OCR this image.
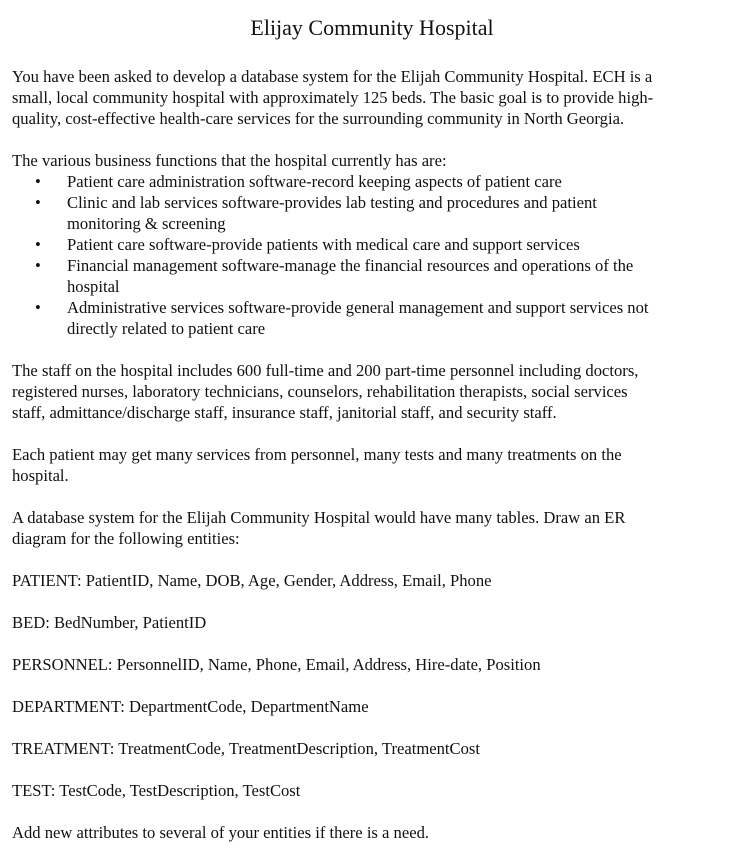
Elijay Community Hospital
You have been asked to develop a database system for the Elijah Community Hospital. ECH is a
small, local community hospital with approximately 125 beds. The basic goal is to provide high-
quality, cost-effective health-care services for the surrounding community in North Georgia.
The various business functions that the hospital currently has are:
• Patient care administration software-record keeping aspects of patient care
• Clinic and lab services software-provides lab testing and procedures and patient
monitoring & screening
• Patient care software-provide patients with medical care and support services
• Financial management software-manage the financial resources and operations of the
hospital
• Administrative services software-provide general management and support services not
directly related to patient care
The staff on the hospital includes 600 full-time and 200 part-time personnel including doctors,
registered nurses, laboratory technicians, counselors, rehabilitation therapists, social services
staff, admittance/discharge staff, insurance staff, janitorial staff, and security staff.
Each patient may get many services from personnel, many tests and many treatments on the
hospital.
A database system for the Elijah Community Hospital would have many tables. Draw an ER
diagram for the following entities:
PATIENT: PatientID, Name, DOB, Age, Gender, Address, Email, Phone
BED: BedNumber, PatientID
PERSONNEL: PersonnelID, Name, Phone, Email, Address, Hire-date, Position
DEPARTMENT: DepartmentCode, DepartmentName
TREATMENT: TreatmentCode, TreatmentDescription, TreatmentCost
TEST: TestCode, TestDescription, TestCost
Add new attributes to several of your entities if there is a need.
